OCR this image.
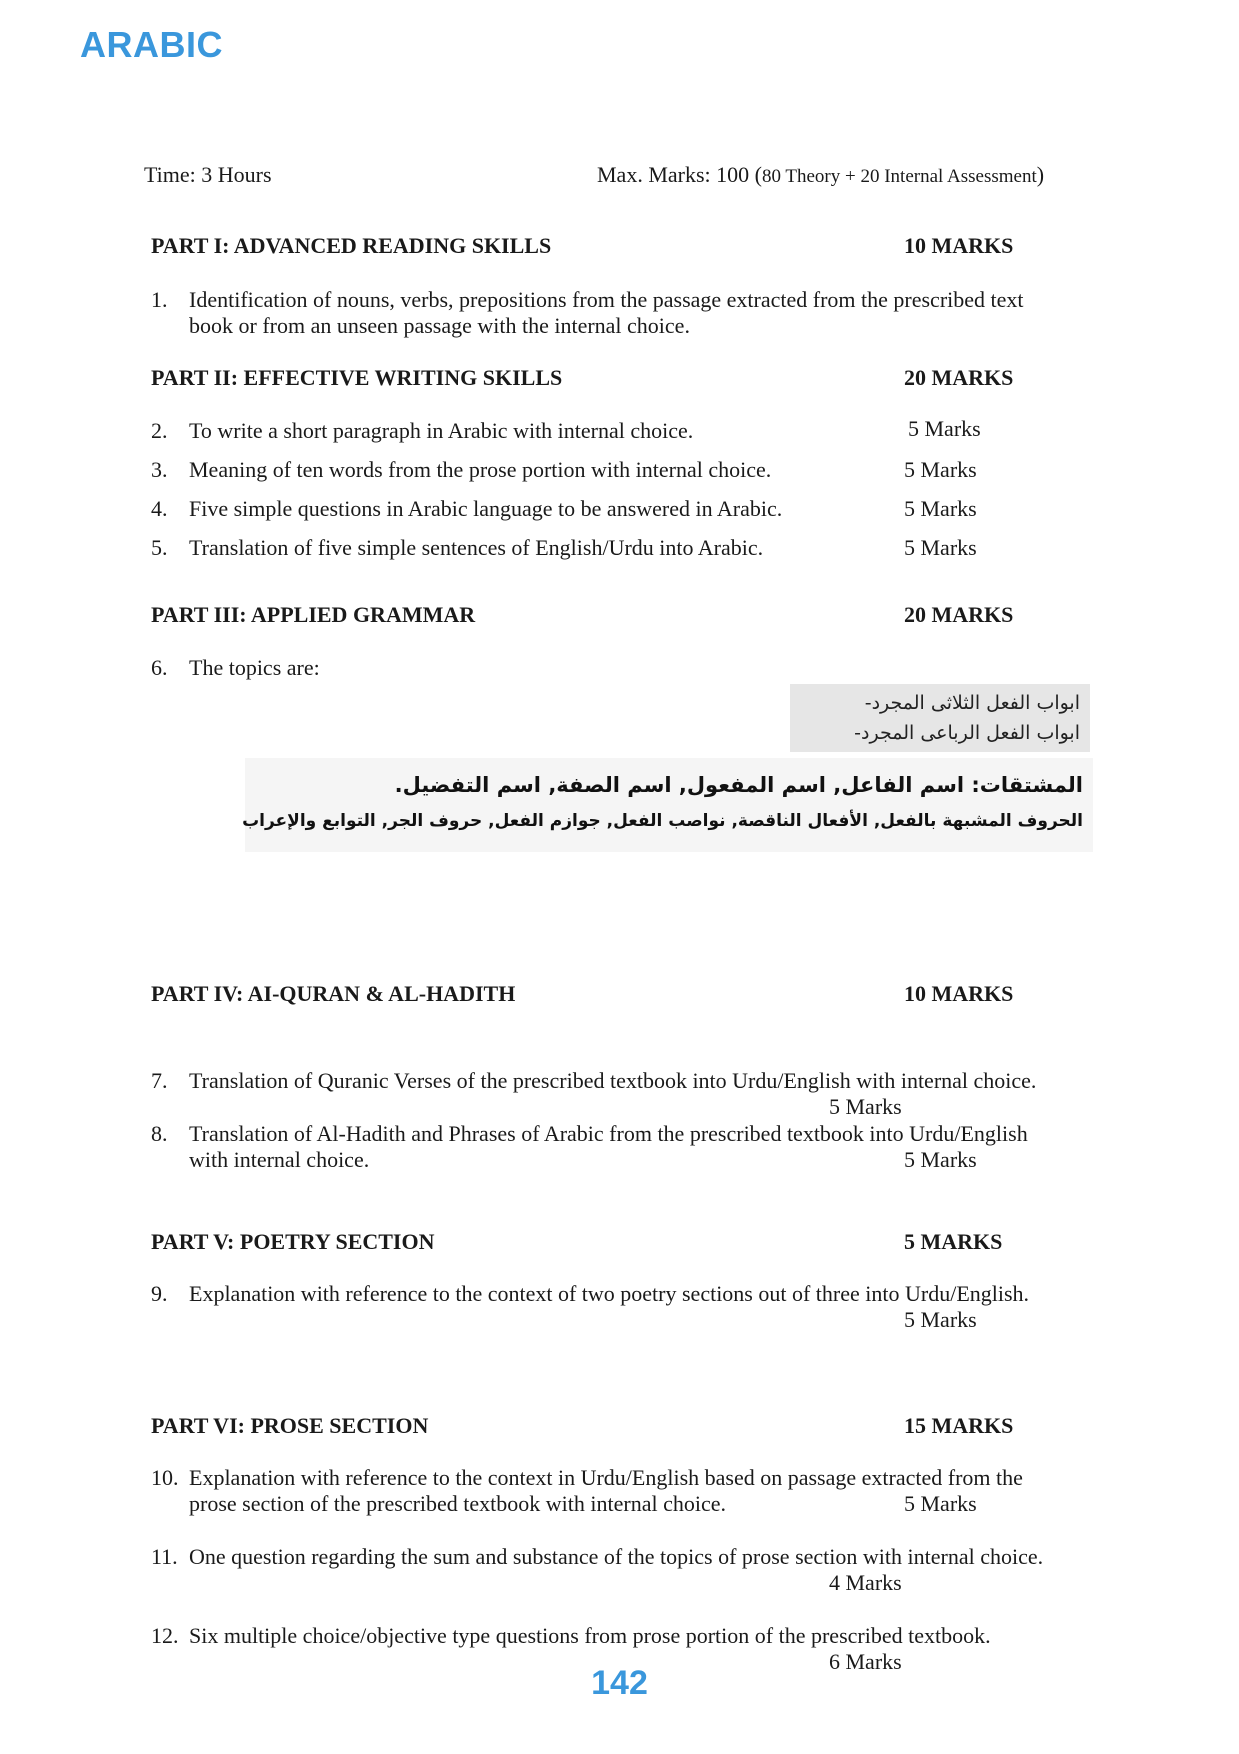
ARABIC
Time: 3 Hours	Max. Marks: 100 (80 Theory + 20 Internal Assessment)
PART I: ADVANCED READING SKILLS	10 MARKS
1. Identification of nouns, verbs, prepositions from the passage extracted from the prescribed text
book or from an unseen passage with the internal choice.
PART II: EFFECTIVE WRITING SKILLS	20 MARKS
2. To write a short paragraph in Arabic with internal choice.	5 Marks
3. Meaning of ten words from the prose portion with internal choice.	5 Marks
4. Five simple questions in Arabic language to be answered in Arabic.	5 Marks
5. Translation of five simple sentences of English/Urdu into Arabic.	5 Marks
PART III: APPLIED GRAMMAR	20 MARKS
6. The topics are:
ابواب الفعل الثلاثی المجرد-
ابواب الفعل الرباعی المجرد-
المشتقات: اسم الفاعل, اسم المفعول, اسم الصفة, اسم التفضيل.
الحروف المشبهة بالفعل, الأفعال الناقصة, نواصب الفعل, جوازم الفعل, حروف الجر, التوابع والإعراب
PART IV: AI-QURAN & AL-HADITH	10 MARKS
7. Translation of Quranic Verses of the prescribed textbook into Urdu/English with internal choice.
5 Marks
8. Translation of Al-Hadith and Phrases of Arabic from the prescribed textbook into Urdu/English
with internal choice.	5 Marks
PART V: POETRY SECTION	5 MARKS
9. Explanation with reference to the context of two poetry sections out of three into Urdu/English.
5 Marks
PART VI: PROSE SECTION	15 MARKS
10. Explanation with reference to the context in Urdu/English based on passage extracted from the
prose section of the prescribed textbook with internal choice.	5 Marks
11. One question regarding the sum and substance of the topics of prose section with internal choice.
4 Marks
12. Six multiple choice/objective type questions from prose portion of the prescribed textbook.
6 Marks
142
